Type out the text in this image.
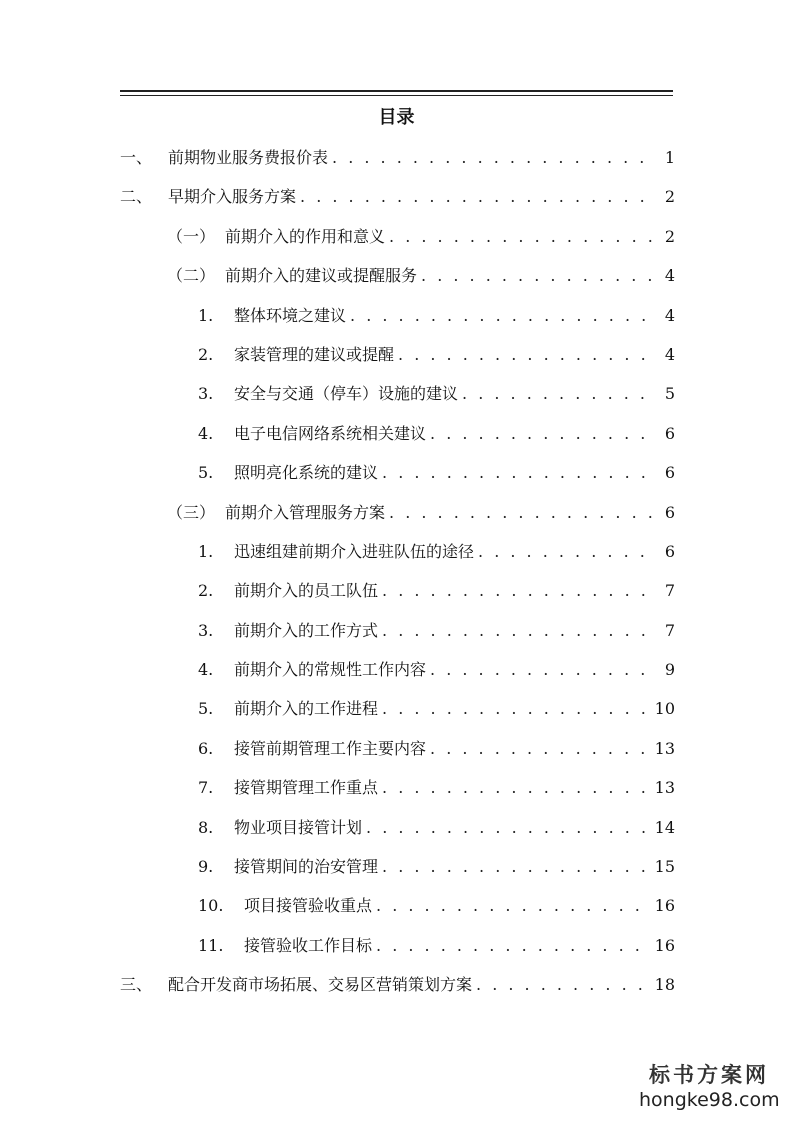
目录
一、 前期物业服务费报价表 . . .	1
二、 早期介入服务方案 . . .	2
（一） 前期介入的作用和意义 . . .	2
（二） 前期介入的建议或提醒服务 . . .	4
1.	整体环境之建议 . . .	4
2.	家装管理的建议或提醒 . . .	4
3.	安全与交通（停车）设施的建议 . . .	5
4.	电子电信网络系统相关建议 . . .	6
5.	照明亮化系统的建议 . . .	6
（三） 前期介入管理服务方案 . . .	6
1.	迅速组建前期介入进驻队伍的途径 . . .	6
2.	前期介入的员工队伍 . . .	7
3.	前期介入的工作方式 . . .	7
4.	前期介入的常规性工作内容 . . .	9
5.	前期介入的工作进程 . . .	10
6.	接管前期管理工作主要内容 . . .	13
7.	接管期管理工作重点 . . .	13
8.	物业项目接管计划 . . .	14
9.	接管期间的治安管理 . . .	15
10.	项目接管验收重点 . . .	16
11.	接管验收工作目标 . . .	16
三、 配合开发商市场拓展、交易区营销策划方案 . . .	18
标书方案网
hongke98.com
